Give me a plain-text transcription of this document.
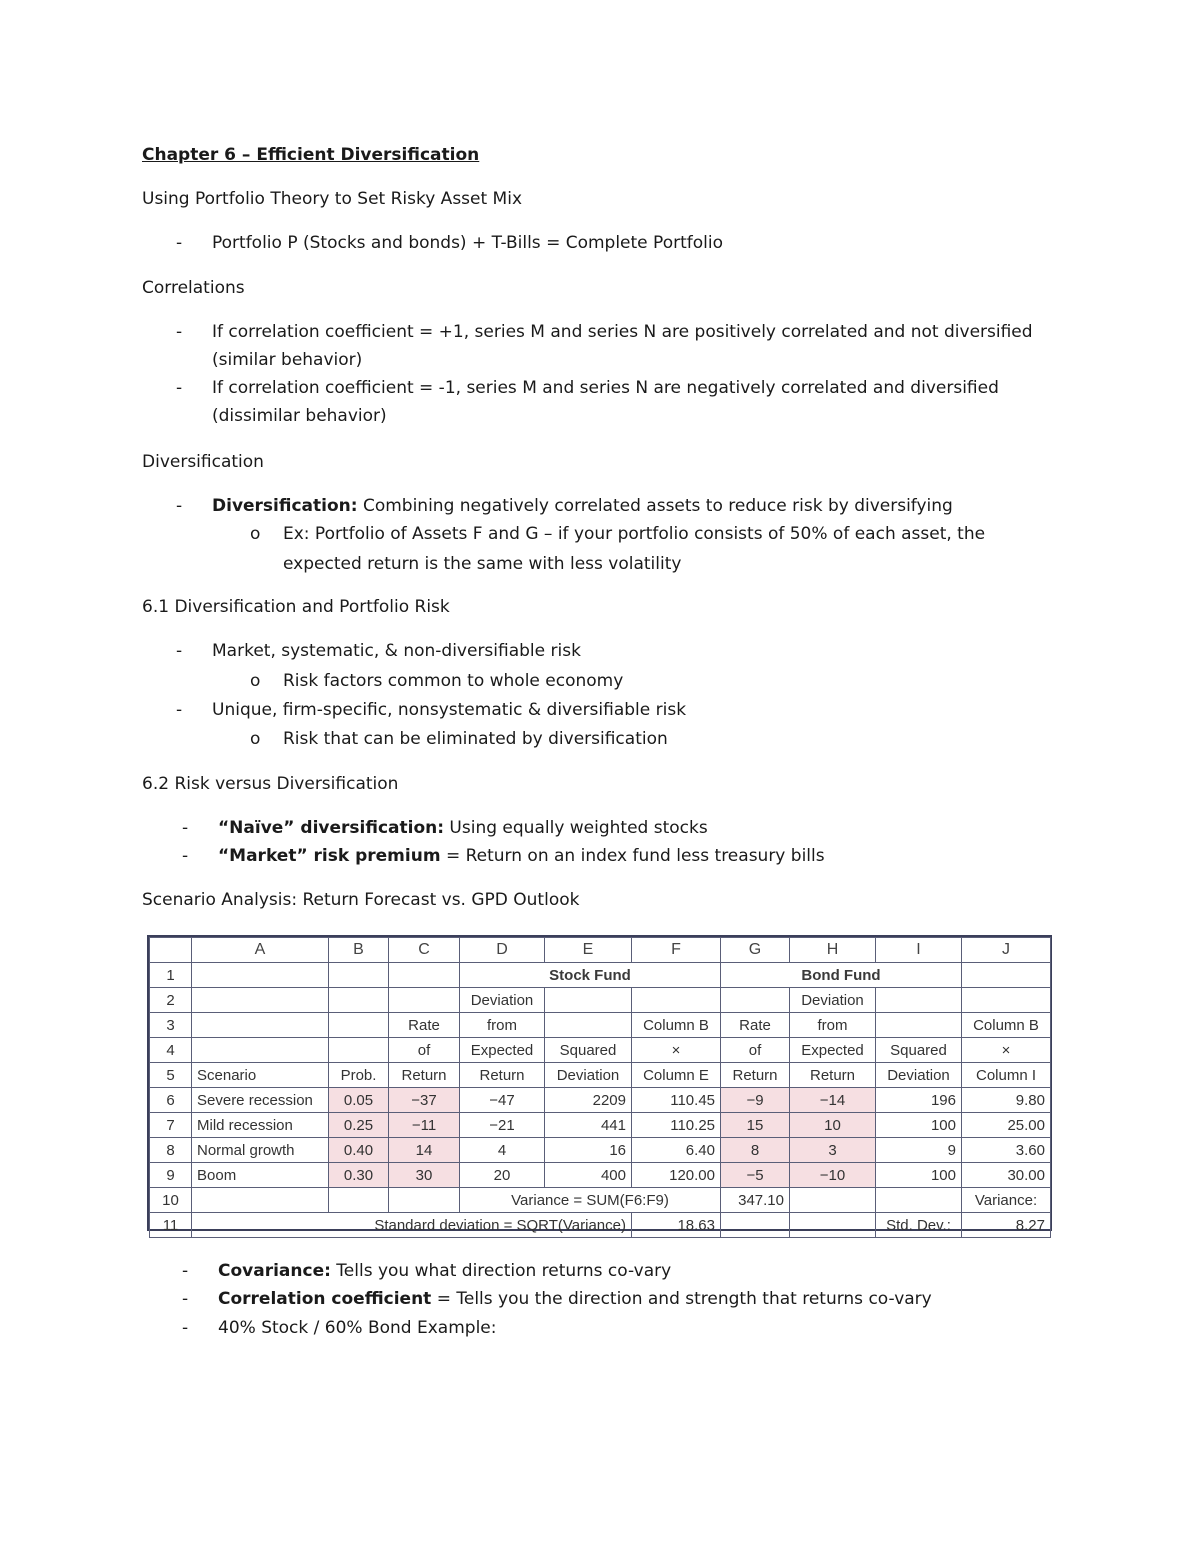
Chapter 6 – Efficient Diversification
Using Portfolio Theory to Set Risky Asset Mix
- Portfolio P (Stocks and bonds) + T-Bills = Complete Portfolio
Correlations
- If correlation coefficient = +1, series M and series N are positively correlated and not diversified
(similar behavior)
- If correlation coefficient = -1, series M and series N are negatively correlated and diversified
(dissimilar behavior)
Diversification
- Diversification: Combining negatively correlated assets to reduce risk by diversifying
o Ex: Portfolio of Assets F and G – if your portfolio consists of 50% of each asset, the
expected return is the same with less volatility
6.1 Diversification and Portfolio Risk
- Market, systematic, & non-diversifiable risk
o Risk factors common to whole economy
- Unique, firm-specific, nonsystematic & diversifiable risk
o Risk that can be eliminated by diversification
6.2 Risk versus Diversification
- “Naïve” diversification: Using equally weighted stocks
- “Market” risk premium = Return on an index fund less treasury bills
Scenario Analysis: Return Forecast vs. GPD Outlook
- Covariance: Tells you what direction returns co-vary
- Correlation coefficient = Tells you the direction and strength that returns co-vary
- 40% Stock / 60% Bond Example:
	A	B	C	D	E	F	G	H	I	J	
1				Stock Fund			Bond Fund				
2				Deviation				Deviation			
3			Rate	from		Column B	Rate	from		Column B	
4			of	Expected	Squared	×	of	Expected	Squared	×	
5	Scenario	Prob.	Return	Return	Deviation	Column E	Return	Return	Deviation	Column I	
6	Severe recession	0.05	−37	−47	2209	110.45	−9	−14	196	9.80	
7	Mild recession	0.25	−11	−21	441	110.25	15	10	100	25.00	
8	Normal growth	0.40	14	4	16	6.40	8	3	9	3.60	
9	Boom	0.30	30	20	400	120.00	−5	−10	100	30.00	
10				Variance = SUM(F6:F9)			347.10			Variance:	
11	Standard deviation = SQRT(Variance)					18.63			Std. Dev.:	8.27	
